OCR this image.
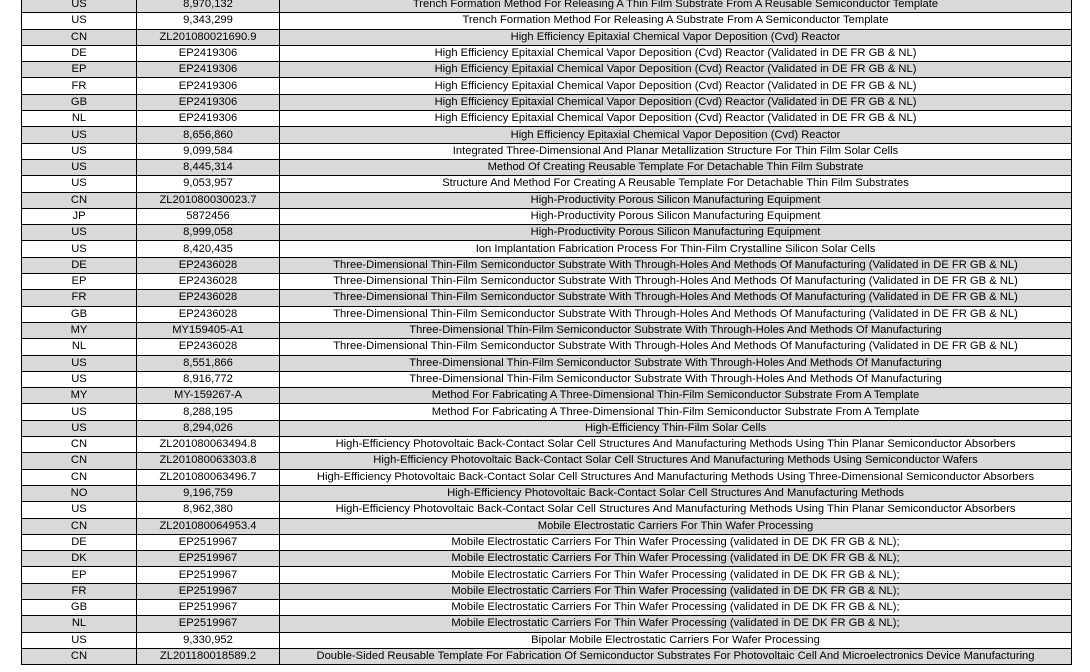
US	8,970,132	Trench Formation Method For Releasing A Thin Film Substrate From A Reusable Semiconductor Template
US	9,343,299	Trench Formation Method For Releasing A Substrate From A Semiconductor Template
CN	ZL201080021690.9	High Efficiency Epitaxial Chemical Vapor Deposition (Cvd) Reactor
DE	EP2419306	High Efficiency Epitaxial Chemical Vapor Deposition (Cvd) Reactor (Validated in DE FR GB & NL)
EP	EP2419306	High Efficiency Epitaxial Chemical Vapor Deposition (Cvd) Reactor (Validated in DE FR GB & NL)
FR	EP2419306	High Efficiency Epitaxial Chemical Vapor Deposition (Cvd) Reactor (Validated in DE FR GB & NL)
GB	EP2419306	High Efficiency Epitaxial Chemical Vapor Deposition (Cvd) Reactor (Validated in DE FR GB & NL)
NL	EP2419306	High Efficiency Epitaxial Chemical Vapor Deposition (Cvd) Reactor (Validated in DE FR GB & NL)
US	8,656,860	High Efficiency Epitaxial Chemical Vapor Deposition (Cvd) Reactor
US	9,099,584	Integrated Three-Dimensional And Planar Metallization Structure For Thin Film Solar Cells
US	8,445,314	Method Of Creating Reusable Template For Detachable Thin Film Substrate
US	9,053,957	Structure And Method For Creating A Reusable Template For Detachable Thin Film Substrates
CN	ZL201080030023.7	High-Productivity Porous Silicon Manufacturing Equipment
JP	5872456	High-Productivity Porous Silicon Manufacturing Equipment
US	8,999,058	High-Productivity Porous Silicon Manufacturing Equipment
US	8,420,435	Ion Implantation Fabrication Process For Thin-Film Crystalline Silicon Solar Cells
DE	EP2436028	Three-Dimensional Thin-Film Semiconductor Substrate With Through-Holes And Methods Of Manufacturing (Validated in DE FR GB & NL)
EP	EP2436028	Three-Dimensional Thin-Film Semiconductor Substrate With Through-Holes And Methods Of Manufacturing (Validated in DE FR GB & NL)
FR	EP2436028	Three-Dimensional Thin-Film Semiconductor Substrate With Through-Holes And Methods Of Manufacturing (Validated in DE FR GB & NL)
GB	EP2436028	Three-Dimensional Thin-Film Semiconductor Substrate With Through-Holes And Methods Of Manufacturing (Validated in DE FR GB & NL)
MY	MY159405-A1	Three-Dimensional Thin-Film Semiconductor Substrate With Through-Holes And Methods Of Manufacturing
NL	EP2436028	Three-Dimensional Thin-Film Semiconductor Substrate With Through-Holes And Methods Of Manufacturing (Validated in DE FR GB & NL)
US	8,551,866	Three-Dimensional Thin-Film Semiconductor Substrate With Through-Holes And Methods Of Manufacturing
US	8,916,772	Three-Dimensional Thin-Film Semiconductor Substrate With Through-Holes And Methods Of Manufacturing
MY	MY-159267-A	Method For Fabricating A Three-Dimensional Thin-Film Semiconductor Substrate From A Template
US	8,288,195	Method For Fabricating A Three-Dimensional Thin-Film Semiconductor Substrate From A Template
US	8,294,026	High-Efficiency Thin-Film Solar Cells
CN	ZL201080063494.8	High-Efficiency Photovoltaic Back-Contact Solar Cell Structures And Manufacturing Methods Using Thin Planar Semiconductor Absorbers
CN	ZL201080063303.8	High-Efficiency Photovoltaic Back-Contact Solar Cell Structures And Manufacturing Methods Using Semiconductor Wafers
CN	ZL201080063496.7	High-Efficiency Photovoltaic Back-Contact Solar Cell Structures And Manufacturing Methods Using Three-Dimensional Semiconductor Absorbers
NO	9,196,759	High-Efficiency Photovoltaic Back-Contact Solar Cell Structures And Manufacturing Methods
US	8,962,380	High-Efficiency Photovoltaic Back-Contact Solar Cell Structures And Manufacturing Methods Using Thin Planar Semiconductor Absorbers
CN	ZL201080064953.4	Mobile Electrostatic Carriers For Thin Wafer Processing
DE	EP2519967	Mobile Electrostatic Carriers For Thin Wafer Processing (validated in DE DK FR GB & NL);
DK	EP2519967	Mobile Electrostatic Carriers For Thin Wafer Processing (validated in DE DK FR GB & NL);
EP	EP2519967	Mobile Electrostatic Carriers For Thin Wafer Processing (validated in DE DK FR GB & NL);
FR	EP2519967	Mobile Electrostatic Carriers For Thin Wafer Processing (validated in DE DK FR GB & NL);
GB	EP2519967	Mobile Electrostatic Carriers For Thin Wafer Processing (validated in DE DK FR GB & NL);
NL	EP2519967	Mobile Electrostatic Carriers For Thin Wafer Processing (validated in DE DK FR GB & NL);
US	9,330,952	Bipolar Mobile Electrostatic Carriers For Wafer Processing
CN	ZL201180018589.2	Double-Sided Reusable Template For Fabrication Of Semiconductor Substrates For Photovoltaic Cell And Microelectronics Device Manufacturing
